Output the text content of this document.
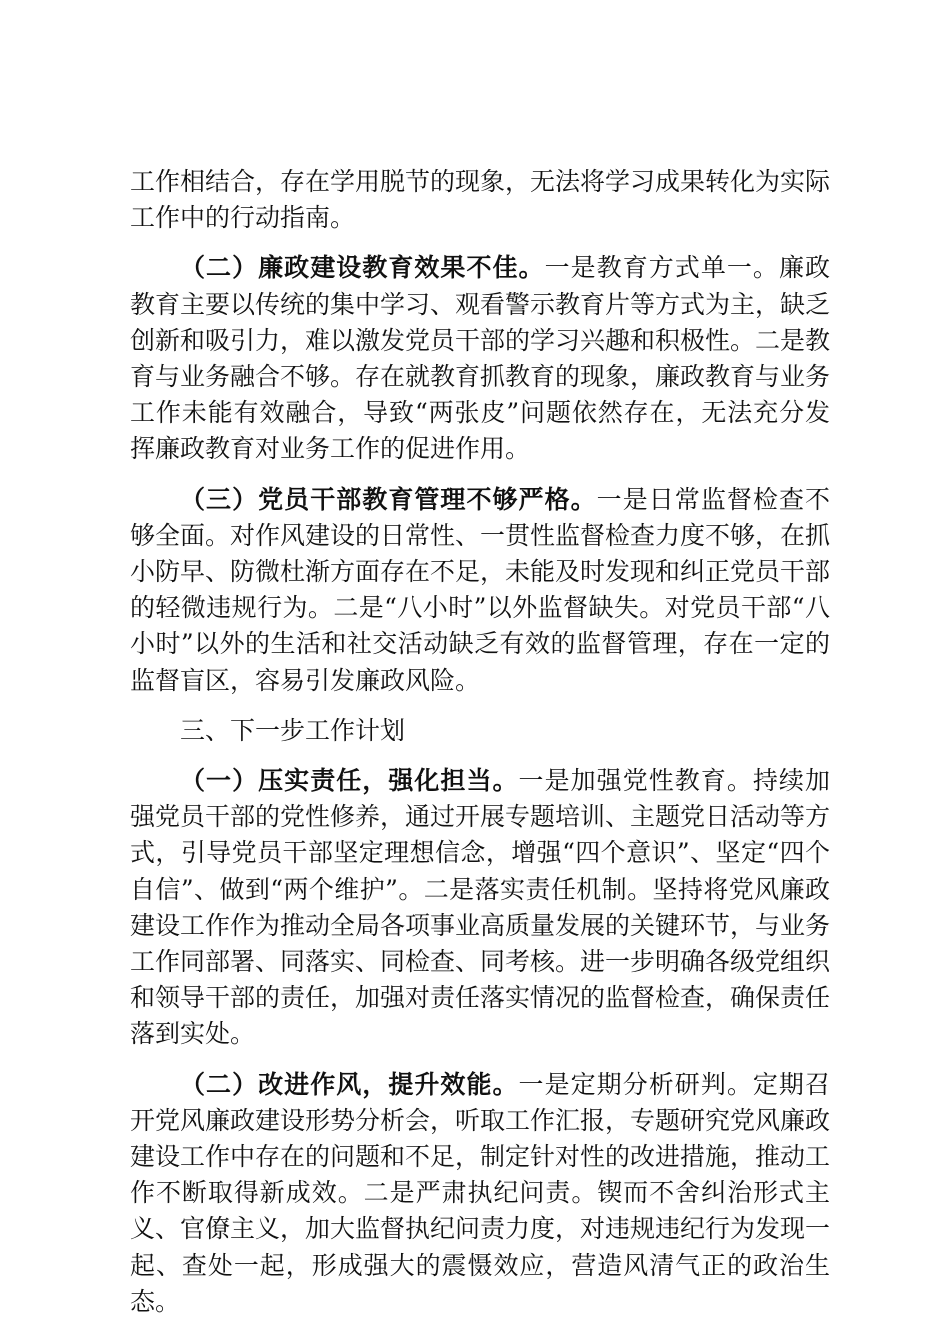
工作相结合，存在学用脱节的现象，无法将学习成果转化为实际工作中的行动指南。

（二）廉政建设教育效果不佳。一是教育方式单一。廉政教育主要以传统的集中学习、观看警示教育片等方式为主，缺乏创新和吸引力，难以激发党员干部的学习兴趣和积极性。二是教育与业务融合不够。存在就教育抓教育的现象，廉政教育与业务工作未能有效融合，导致“两张皮”问题依然存在，无法充分发挥廉政教育对业务工作的促进作用。

（三）党员干部教育管理不够严格。一是日常监督检查不够全面。对作风建设的日常性、一贯性监督检查力度不够，在抓小防早、防微杜渐方面存在不足，未能及时发现和纠正党员干部的轻微违规行为。二是“八小时”以外监督缺失。对党员干部“八小时”以外的生活和社交活动缺乏有效的监督管理，存在一定的监督盲区，容易引发廉政风险。

三、下一步工作计划

（一）压实责任，强化担当。一是加强党性教育。持续加强党员干部的党性修养，通过开展专题培训、主题党日活动等方式，引导党员干部坚定理想信念，增强“四个意识”、坚定“四个自信”、做到“两个维护”。二是落实责任机制。坚持将党风廉政建设工作作为推动全局各项事业高质量发展的关键环节，与业务工作同部署、同落实、同检查、同考核。进一步明确各级党组织和领导干部的责任，加强对责任落实情况的监督检查，确保责任落到实处。

（二）改进作风，提升效能。一是定期分析研判。定期召开党风廉政建设形势分析会，听取工作汇报，专题研究党风廉政建设工作中存在的问题和不足，制定针对性的改进措施，推动工作不断取得新成效。二是严肃执纪问责。锲而不舍纠治形式主义、官僚主义，加大监督执纪问责力度，对违规违纪行为发现一起、查处一起，形成强大的震慑效应，营造风清气正的政治生态。
